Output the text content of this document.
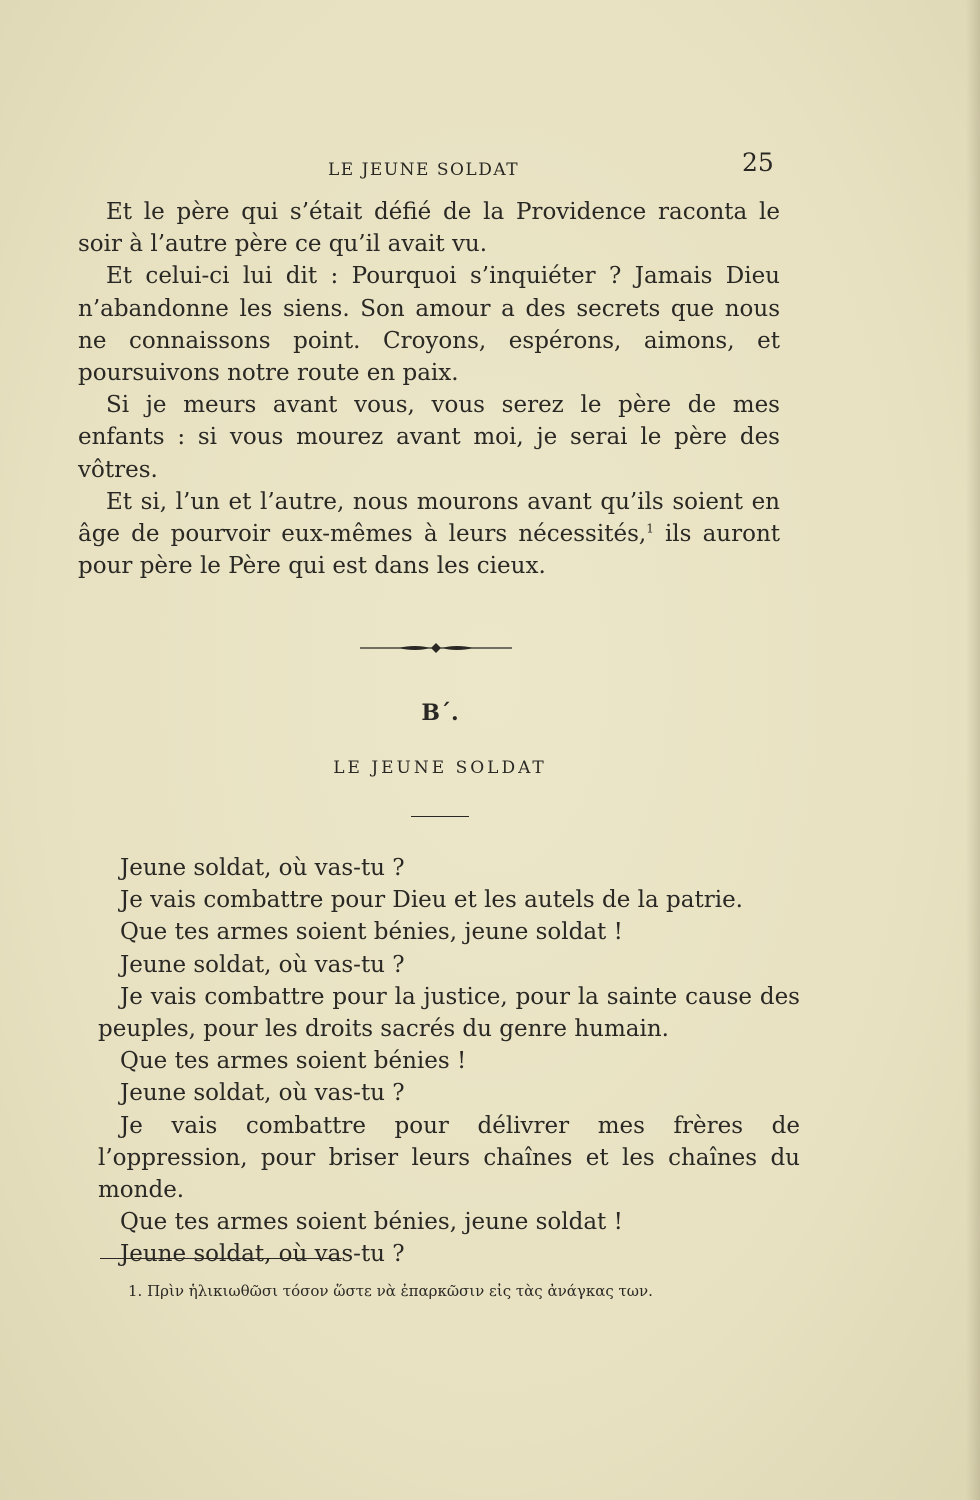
LE JEUNE SOLDAT	25

Et le père qui s’était défié de la Providence raconta le soir à l’autre père ce qu’il avait vu.

Et celui-ci lui dit : Pourquoi s’inquiéter ? Jamais Dieu n’abandonne les siens. Son amour a des secrets que nous ne connaissons point. Croyons, espérons, aimons, et poursuivons notre route en paix.

Si je meurs avant vous, vous serez le père de mes enfants : si vous mourez avant moi, je serai le père des vôtres.

Et si, l’un et l’autre, nous mourons avant qu’ils soient en âge de pourvoir eux-mêmes à leurs nécessités,$^1$ ils auront pour père le Père qui est dans les cieux.

B΄.
LE JEUNE SOLDAT

Jeune soldat, où vas-tu ?

Je vais combattre pour Dieu et les autels de la patrie.

Que tes armes soient bénies, jeune soldat !

Jeune soldat, où vas-tu ?

Je vais combattre pour la justice, pour la sainte cause des peuples, pour les droits sacrés du genre humain.

Que tes armes soient bénies !

Jeune soldat, où vas-tu ?

Je vais combattre pour délivrer mes frères de l’oppression, pour briser leurs chaînes et les chaînes du monde.

Que tes armes soient bénies, jeune soldat !

Jeune soldat, où vas-tu ?

1. Πρὶν ἡλικιωθῶσι τόσον ὥστε νὰ ἐπαρκῶσιν εἰς τὰς ἀνάγκας των.
